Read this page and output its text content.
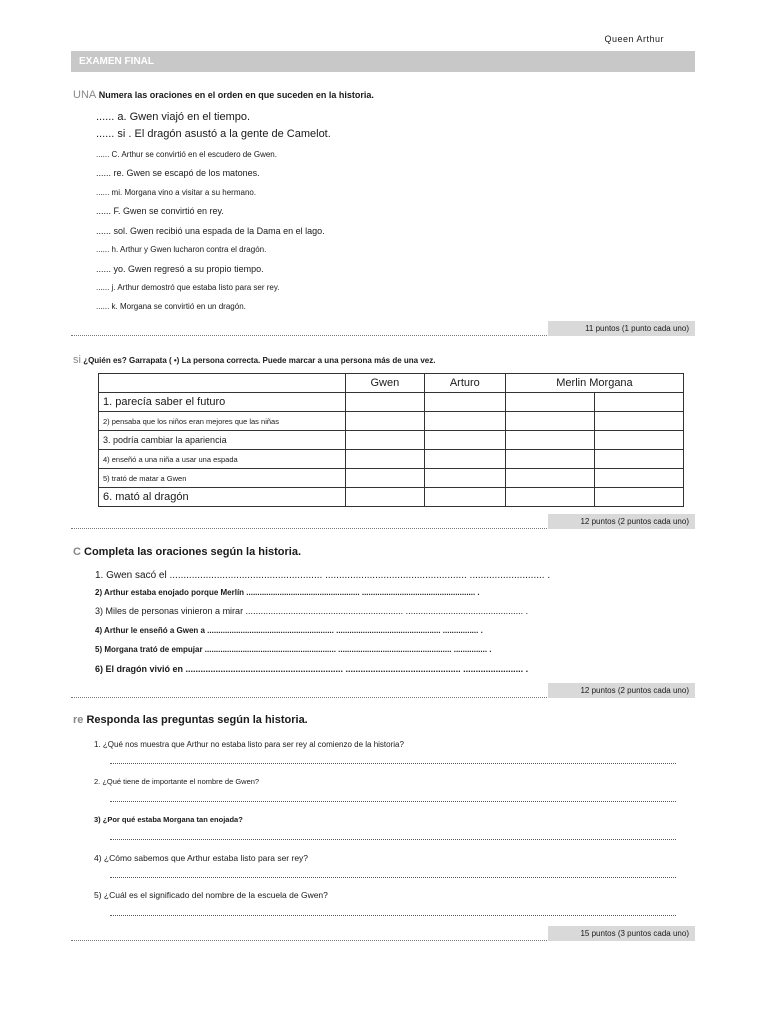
Queen Arthur
EXAMEN FINAL
UNA Numera las oraciones en el orden en que suceden en la historia.
...... a. Gwen viajó en el tiempo.
...... si . El dragón asustó a la gente de Camelot.
...... C. Arthur se convirtió en el escudero de Gwen.
...... re. Gwen se escapó de los matones.
...... mi. Morgana vino a visitar a su hermano.
...... F. Gwen se convirtió en rey.
...... sol. Gwen recibió una espada de la Dama en el lago.
...... h. Arthur y Gwen lucharon contra el dragón.
...... yo. Gwen regresó a su propio tiempo.
...... j. Arthur demostró que estaba listo para ser rey.
...... k. Morgana se convirtió en un dragón.
11 puntos (1 punto cada uno)
si ¿Quién es? Garrapata ( •) La persona correcta. Puede marcar a una persona más de una vez.
	Gwen	Arturo	Merlin Morgana	
1. parecía saber el futuro				
2) pensaba que los niños eran mejores que las niñas				
3. podría cambiar la apariencia				
4) enseñó a una niña a usar una espada				
5) trató de matar a Gwen				
6. mató al dragón				
12 puntos (2 puntos cada uno)
C Completa las oraciones según la historia.
1. Gwen sacó el ....................................................... ................................................... ........................... .
2) Arthur estaba enojado porque Merlín ................................................... ................................................... .
3) Miles de personas vinieron a mirar ............................................................... ............................................... .
4) Arthur le enseñó a Gwen a ......................................................... ............................................... ................ .
5) Morgana trató de empujar ........................................................... ................................................... ............... .
6) El dragón vivió en ............................................................... .............................................. ........................ .
12 puntos (2 puntos cada uno)
re Responda las preguntas según la historia.
1. ¿Qué nos muestra que Arthur no estaba listo para ser rey al comienzo de la historia?
2. ¿Qué tiene de importante el nombre de Gwen?
3) ¿Por qué estaba Morgana tan enojada?
4) ¿Cómo sabemos que Arthur estaba listo para ser rey?
5) ¿Cuál es el significado del nombre de la escuela de Gwen?
15 puntos (3 puntos cada uno)
